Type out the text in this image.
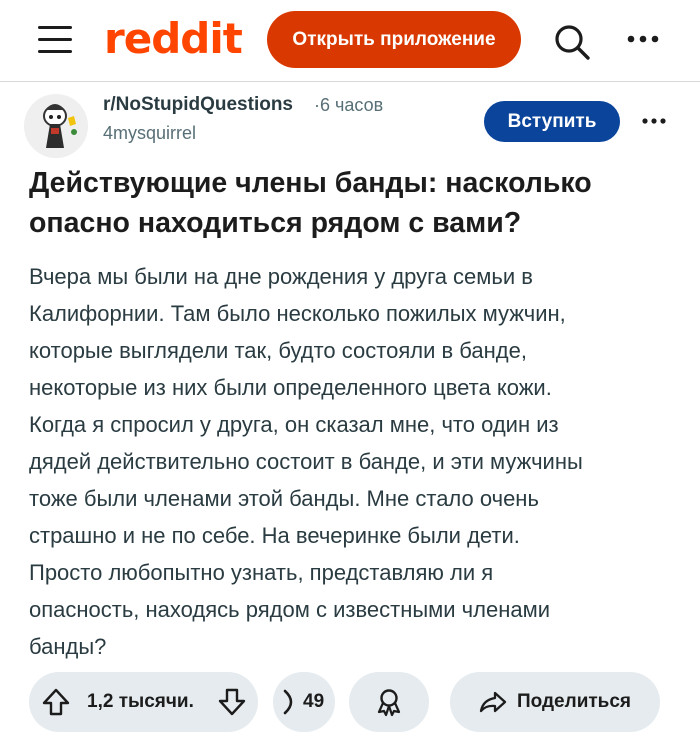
reddit	Открыть приложение
r/NoStupidQuestions ·6 часов
4mysquirrel
Вступить
Действующие члены банды: насколько
опасно находиться рядом с вами?
Вчера мы были на дне рождения у друга семьи в
Калифорнии. Там было несколько пожилых мужчин,
которые выглядели так, будто состояли в банде,
некоторые из них были определенного цвета кожи.
Когда я спросил у друга, он сказал мне, что один из
дядей действительно состоит в банде, и эти мужчины
тоже были членами этой банды. Мне стало очень
страшно и не по себе. На вечеринке были дети.
Просто любопытно узнать, представляю ли я
опасность, находясь рядом с известными членами
банды?
1,2 тысячи.	49	Поделиться
